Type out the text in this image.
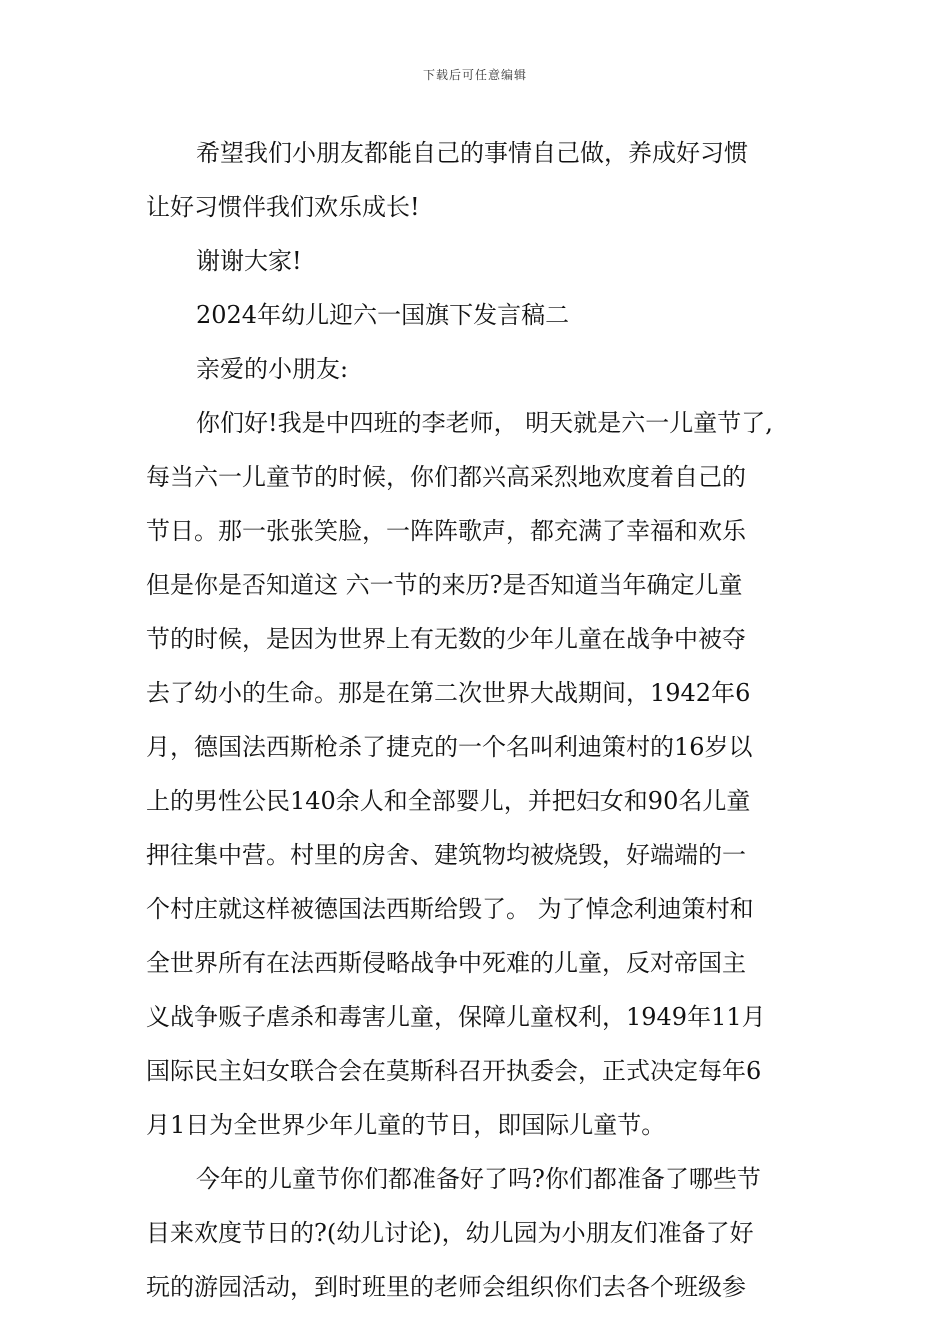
下载后可任意编辑
希望我们小朋友都能自己的事情自己做，养成好习惯
让好习惯伴我们欢乐成长!
谢谢大家!
2024年幼儿迎六一国旗下发言稿二
亲爱的小朋友:
你们好!我是中四班的李老师， 明天就是六一儿童节了,
每当六一儿童节的时候，你们都兴高采烈地欢度着自己的
节日。那一张张笑脸，一阵阵歌声，都充满了幸福和欢乐
但是你是否知道这 六一节的来历?是否知道当年确定儿童
节的时候，是因为世界上有无数的少年儿童在战争中被夺
去了幼小的生命。那是在第二次世界大战期间，1942年6
月，德国法西斯枪杀了捷克的一个名叫利迪策村的16岁以
上的男性公民140余人和全部婴儿，并把妇女和90名儿童
押往集中营。村里的房舍、建筑物均被烧毁，好端端的一
个村庄就这样被德国法西斯给毁了。 为了悼念利迪策村和
全世界所有在法西斯侵略战争中死难的儿童，反对帝国主
义战争贩子虐杀和毒害儿童，保障儿童权利，1949年11月
国际民主妇女联合会在莫斯科召开执委会，正式决定每年6
月1日为全世界少年儿童的节日，即国际儿童节。
今年的儿童节你们都准备好了吗?你们都准备了哪些节
目来欢度节日的?(幼儿讨论)，幼儿园为小朋友们准备了好
玩的游园活动，到时班里的老师会组织你们去各个班级参
